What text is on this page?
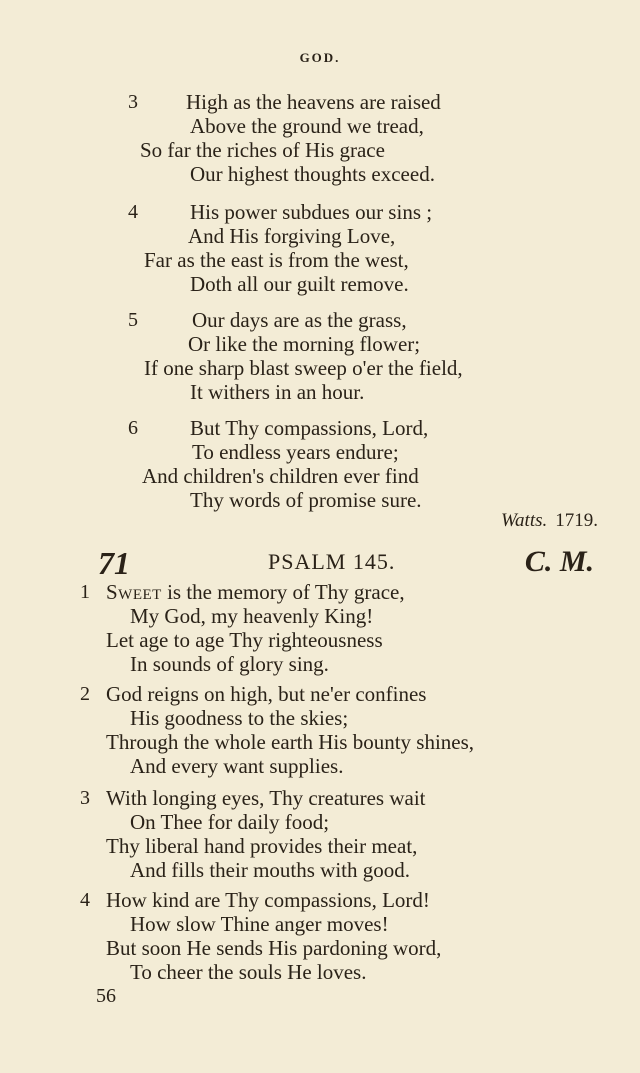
GOD.
3 High as the heavens are raised
Above the ground we tread,
So far the riches of His grace
Our highest thoughts exceed.
4 His power subdues our sins ;
And His forgiving Love,
Far as the east is from the west,
Doth all our guilt remove.
5	Our days are as the grass,
Or like the morning flower;
If one sharp blast sweep o'er the field,
It withers in an hour.
6 But Thy compassions, Lord,
To endless years endure;
And children's children ever find
Thy words of promise sure.
Watts. 1719.
71	PSALM 145.	C. M.
1 Sweet is the memory of Thy grace,
My God, my heavenly King!
Let age to age Thy righteousness
In sounds of glory sing.
2 God reigns on high, but ne'er confines
His goodness to the skies;
Through the whole earth His bounty shines,
And every want supplies.
3 With longing eyes, Thy creatures wait
On Thee for daily food;
Thy liberal hand provides their meat,
And fills their mouths with good.
4 How kind are Thy compassions, Lord!
How slow Thine anger moves!
But soon He sends His pardoning word,
To cheer the souls He loves.
56
